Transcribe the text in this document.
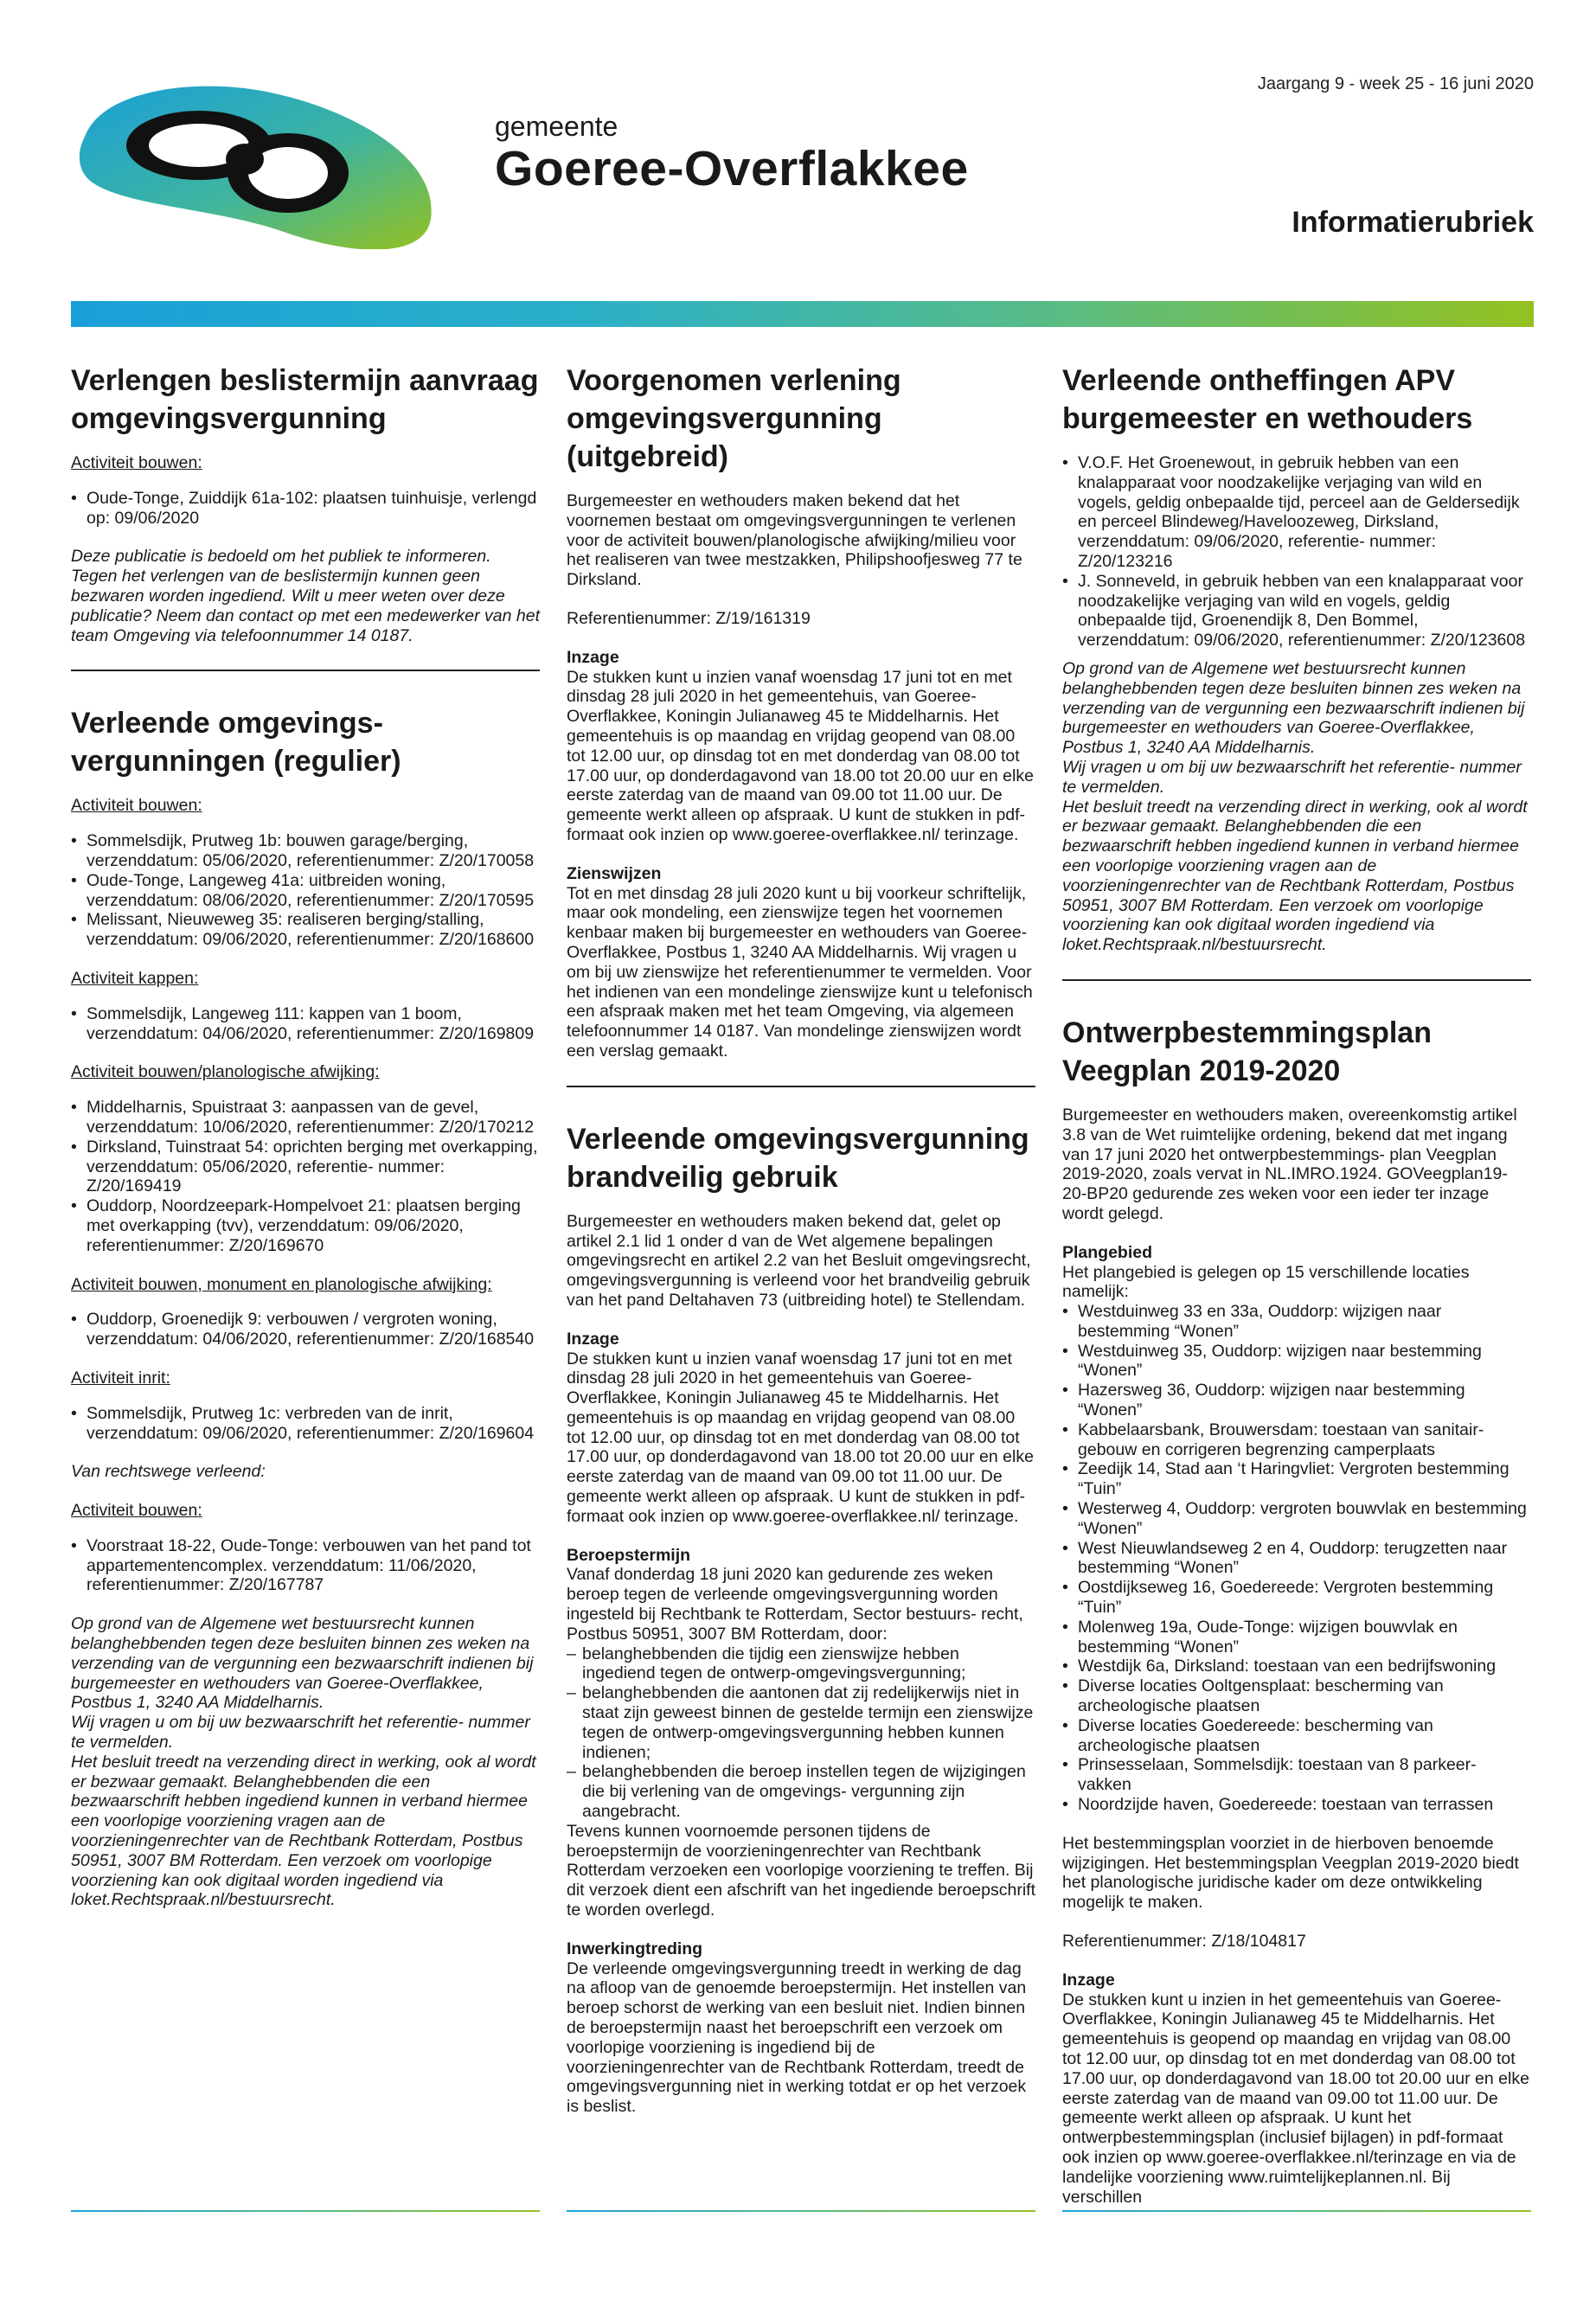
Jaargang 9 - week 25 - 16 juni 2020
gemeente
Goeree-Overflakkee
Informatierubriek
Verlengen beslistermijn aanvraag omgevingsvergunning

Activiteit bouwen:

• Oude-Tonge, Zuiddijk 61a-102: plaatsen tuinhuisje, verlengd op: 09/06/2020

Deze publicatie is bedoeld om het publiek te informeren. Tegen het verlengen van de beslistermijn kunnen geen bezwaren worden ingediend. Wilt u meer weten over deze publicatie? Neem dan contact op met een medewerker van het team Omgeving via telefoonnummer 14 0187.

Verleende omgevings- vergunningen (regulier)

Activiteit bouwen:

• Sommelsdijk, Prutweg 1b: bouwen garage/berging, verzenddatum: 05/06/2020, referentienummer: Z/20/170058
• Oude-Tonge, Langeweg 41a: uitbreiden woning, verzenddatum: 08/06/2020, referentienummer: Z/20/170595
• Melissant, Nieuweweg 35: realiseren berging/stalling, verzenddatum: 09/06/2020, referentienummer: Z/20/168600

Activiteit kappen:

• Sommelsdijk, Langeweg 111: kappen van 1 boom, verzenddatum: 04/06/2020, referentienummer: Z/20/169809

Activiteit bouwen/planologische afwijking:

• Middelharnis, Spuistraat 3: aanpassen van de gevel, verzenddatum: 10/06/2020, referentienummer: Z/20/170212
• Dirksland, Tuinstraat 54: oprichten berging met overkapping, verzenddatum: 05/06/2020, referentie- nummer: Z/20/169419
• Ouddorp, Noordzeepark-Hompelvoet 21: plaatsen berging met overkapping (tvv), verzenddatum: 09/06/2020, referentienummer: Z/20/169670

Activiteit bouwen, monument en planologische afwijking:

• Ouddorp, Groenedijk 9: verbouwen / vergroten woning, verzenddatum: 04/06/2020, referentienummer: Z/20/168540

Activiteit inrit:

• Sommelsdijk, Prutweg 1c: verbreden van de inrit, verzenddatum: 09/06/2020, referentienummer: Z/20/169604

Van rechtswege verleend:

Activiteit bouwen:

• Voorstraat 18-22, Oude-Tonge: verbouwen van het pand tot appartementencomplex. verzenddatum: 11/06/2020, referentienummer: Z/20/167787

Op grond van de Algemene wet bestuursrecht kunnen belanghebbenden tegen deze besluiten binnen zes weken na verzending van de vergunning een bezwaarschrift indienen bij burgemeester en wethouders van Goeree-Overflakkee, Postbus 1, 3240 AA Middelharnis.

Wij vragen u om bij uw bezwaarschrift het referentie- nummer te vermelden.

Het besluit treedt na verzending direct in werking, ook al wordt er bezwaar gemaakt. Belanghebbenden die een bezwaarschrift hebben ingediend kunnen in verband hiermee een voorlopige voorziening vragen aan de voorzieningenrechter van de Rechtbank Rotterdam, Postbus 50951, 3007 BM Rotterdam. Een verzoek om voorlopige voorziening kan ook digitaal worden ingediend via loket.Rechtspraak.nl/bestuursrecht.

Voorgenomen verlening omgevingsvergunning (uitgebreid)

Burgemeester en wethouders maken bekend dat het voornemen bestaat om omgevingsvergunningen te verlenen voor de activiteit bouwen/planologische afwijking/milieu voor het realiseren van twee mestzakken, Philipshoofjesweg 77 te Dirksland.

Referentienummer: Z/19/161319

Inzage

De stukken kunt u inzien vanaf woensdag 17 juni tot en met dinsdag 28 juli 2020 in het gemeentehuis, van Goeree-Overflakkee, Koningin Julianaweg 45 te Middelharnis. Het gemeentehuis is op maandag en vrijdag geopend van 08.00 tot 12.00 uur, op dinsdag tot en met donderdag van 08.00 tot 17.00 uur, op donderdagavond van 18.00 tot 20.00 uur en elke eerste zaterdag van de maand van 09.00 tot 11.00 uur. De gemeente werkt alleen op afspraak. U kunt de stukken in pdf-formaat ook inzien op www.goeree-overflakkee.nl/ terinzage.

Zienswijzen

Tot en met dinsdag 28 juli 2020 kunt u bij voorkeur schriftelijk, maar ook mondeling, een zienswijze tegen het voornemen kenbaar maken bij burgemeester en wethouders van Goeree-Overflakkee, Postbus 1, 3240 AA Middelharnis. Wij vragen u om bij uw zienswijze het referentienummer te vermelden. Voor het indienen van een mondelinge zienswijze kunt u telefonisch een afspraak maken met het team Omgeving, via algemeen telefoonnummer 14 0187. Van mondelinge zienswijzen wordt een verslag gemaakt.

Verleende omgevingsvergunning brandveilig gebruik

Burgemeester en wethouders maken bekend dat, gelet op artikel 2.1 lid 1 onder d van de Wet algemene bepalingen omgevingsrecht en artikel 2.2 van het Besluit omgevingsrecht, omgevingsvergunning is verleend voor het brandveilig gebruik van het pand Deltahaven 73 (uitbreiding hotel) te Stellendam.

Inzage

De stukken kunt u inzien vanaf woensdag 17 juni tot en met dinsdag 28 juli 2020 in het gemeentehuis van Goeree-Overflakkee, Koningin Julianaweg 45 te Middelharnis. Het gemeentehuis is op maandag en vrijdag geopend van 08.00 tot 12.00 uur, op dinsdag tot en met donderdag van 08.00 tot 17.00 uur, op donderdagavond van 18.00 tot 20.00 uur en elke eerste zaterdag van de maand van 09.00 tot 11.00 uur. De gemeente werkt alleen op afspraak. U kunt de stukken in pdf-formaat ook inzien op www.goeree-overflakkee.nl/ terinzage.

Beroepstermijn

Vanaf donderdag 18 juni 2020 kan gedurende zes weken beroep tegen de verleende omgevingsvergunning worden ingesteld bij Rechtbank te Rotterdam, Sector bestuurs- recht, Postbus 50951, 3007 BM Rotterdam, door:

– belanghebbenden die tijdig een zienswijze hebben ingediend tegen de ontwerp-omgevingsvergunning;
– belanghebbenden die aantonen dat zij redelijkerwijs niet in staat zijn geweest binnen de gestelde termijn een zienswijze tegen de ontwerp-omgevingsvergunning hebben kunnen indienen;
– belanghebbenden die beroep instellen tegen de wijzigingen die bij verlening van de omgevings- vergunning zijn aangebracht.

Tevens kunnen voornoemde personen tijdens de beroepstermijn de voorzieningenrechter van Rechtbank Rotterdam verzoeken een voorlopige voorziening te treffen. Bij dit verzoek dient een afschrift van het ingediende beroepschrift te worden overlegd.

Inwerkingtreding

De verleende omgevingsvergunning treedt in werking de dag na afloop van de genoemde beroepstermijn. Het instellen van beroep schorst de werking van een besluit niet. Indien binnen de beroepstermijn naast het beroepschrift een verzoek om voorlopige voorziening is ingediend bij de voorzieningenrechter van de Rechtbank Rotterdam, treedt de omgevingsvergunning niet in werking totdat er op het verzoek is beslist.

Verleende ontheffingen APV burgemeester en wethouders
• V.O.F. Het Groenewout, in gebruik hebben van een knalapparaat voor noodzakelijke verjaging van wild en vogels, geldig onbepaalde tijd, perceel aan de Geldersedijk en perceel Blindeweg/Haveloozeweg, Dirksland, verzenddatum: 09/06/2020, referentie- nummer: Z/20/123216
• J. Sonneveld, in gebruik hebben van een knalapparaat voor noodzakelijke verjaging van wild en vogels, geldig onbepaalde tijd, Groenendijk 8, Den Bommel, verzenddatum: 09/06/2020, referentienummer: Z/20/123608

Op grond van de Algemene wet bestuursrecht kunnen belanghebbenden tegen deze besluiten binnen zes weken na verzending van de vergunning een bezwaarschrift indienen bij burgemeester en wethouders van Goeree-Overflakkee, Postbus 1, 3240 AA Middelharnis.

Wij vragen u om bij uw bezwaarschrift het referentie- nummer te vermelden.

Het besluit treedt na verzending direct in werking, ook al wordt er bezwaar gemaakt. Belanghebbenden die een bezwaarschrift hebben ingediend kunnen in verband hiermee een voorlopige voorziening vragen aan de voorzieningenrechter van de Rechtbank Rotterdam, Postbus 50951, 3007 BM Rotterdam. Een verzoek om voorlopige voorziening kan ook digitaal worden ingediend via loket.Rechtspraak.nl/bestuursrecht.

Ontwerpbestemmingsplan Veegplan 2019-2020

Burgemeester en wethouders maken, overeenkomstig artikel 3.8 van de Wet ruimtelijke ordening, bekend dat met ingang van 17 juni 2020 het ontwerpbestemmings- plan Veegplan 2019-2020, zoals vervat in NL.IMRO.1924. GOVeegplan19-20-BP20 gedurende zes weken voor een ieder ter inzage wordt gelegd.

Plangebied

Het plangebied is gelegen op 15 verschillende locaties namelijk:

• Westduinweg 33 en 33a, Ouddorp: wijzigen naar bestemming “Wonen”
• Westduinweg 35, Ouddorp: wijzigen naar bestemming “Wonen”
• Hazersweg 36, Ouddorp: wijzigen naar bestemming “Wonen”
• Kabbelaarsbank, Brouwersdam: toestaan van sanitair- gebouw en corrigeren begrenzing camperplaats
• Zeedijk 14, Stad aan ‘t Haringvliet: Vergroten bestemming “Tuin”
• Westerweg 4, Ouddorp: vergroten bouwvlak en bestemming “Wonen”
• West Nieuwlandseweg 2 en 4, Ouddorp: terugzetten naar bestemming “Wonen”
• Oostdijkseweg 16, Goedereede: Vergroten bestemming “Tuin”
• Molenweg 19a, Oude-Tonge: wijzigen bouwvlak en bestemming “Wonen”
• Westdijk 6a, Dirksland: toestaan van een bedrijfswoning
• Diverse locaties Ooltgensplaat: bescherming van archeologische plaatsen
• Diverse locaties Goedereede: bescherming van archeologische plaatsen
• Prinsesselaan, Sommelsdijk: toestaan van 8 parkeer- vakken
• Noordzijde haven, Goedereede: toestaan van terrassen

Het bestemmingsplan voorziet in de hierboven benoemde wijzigingen. Het bestemmingsplan Veegplan 2019-2020 biedt het planologische juridische kader om deze ontwikkeling mogelijk te maken.

Referentienummer: Z/18/104817

Inzage

De stukken kunt u inzien in het gemeentehuis van Goeree-Overflakkee, Koningin Julianaweg 45 te Middelharnis. Het gemeentehuis is geopend op maandag en vrijdag van 08.00 tot 12.00 uur, op dinsdag tot en met donderdag van 08.00 tot 17.00 uur, op donderdagavond van 18.00 tot 20.00 uur en elke eerste zaterdag van de maand van 09.00 tot 11.00 uur. De gemeente werkt alleen op afspraak. U kunt het ontwerpbestemmingsplan (inclusief bijlagen) in pdf-formaat ook inzien op www.goeree-overflakkee.nl/terinzage en via de landelijke voorziening www.ruimtelijkeplannen.nl. Bij verschillen
